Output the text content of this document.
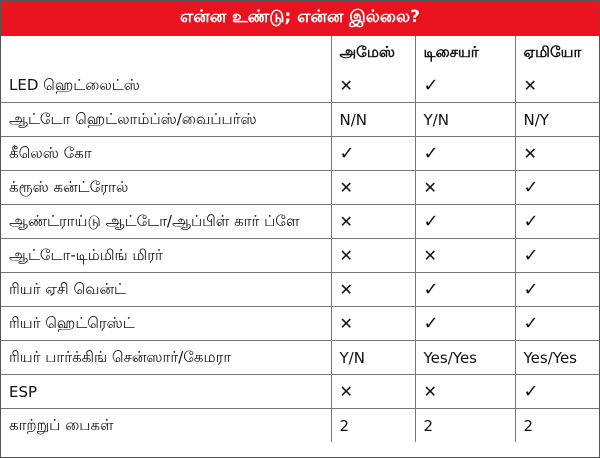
என்ன உண்டு; என்ன இல்லை?
	அமேஸ்	டிசையர்	ஏமியோ
LED ஹெட்லைட்ஸ்	✕	✓	✕
ஆட்டோ ஹெட்லாம்ப்ஸ்/வைப்பர்ஸ்	N/N	Y/N	N/Y
கீலெஸ் கோ	✓	✓	✕
க்ரூஸ் கன்ட்ரோல்	✕	✕	✓
ஆண்ட்ராய்டு ஆட்டோ/ஆப்பிள் கார் ப்ளே	✕	✓	✓
ஆட்டோ-டிம்மிங் மிரர்	✕	✕	✓
ரியர் ஏசி வென்ட்	✕	✓	✓
ரியர் ஹெட்ரெஸ்ட்	✕	✓	✓
ரியர் பார்க்கிங் சென்ஸார்/கேமரா	Y/N	Yes/Yes	Yes/Yes
ESP	✕	✕	✓
காற்றுப் பைகள்	2	2	2
